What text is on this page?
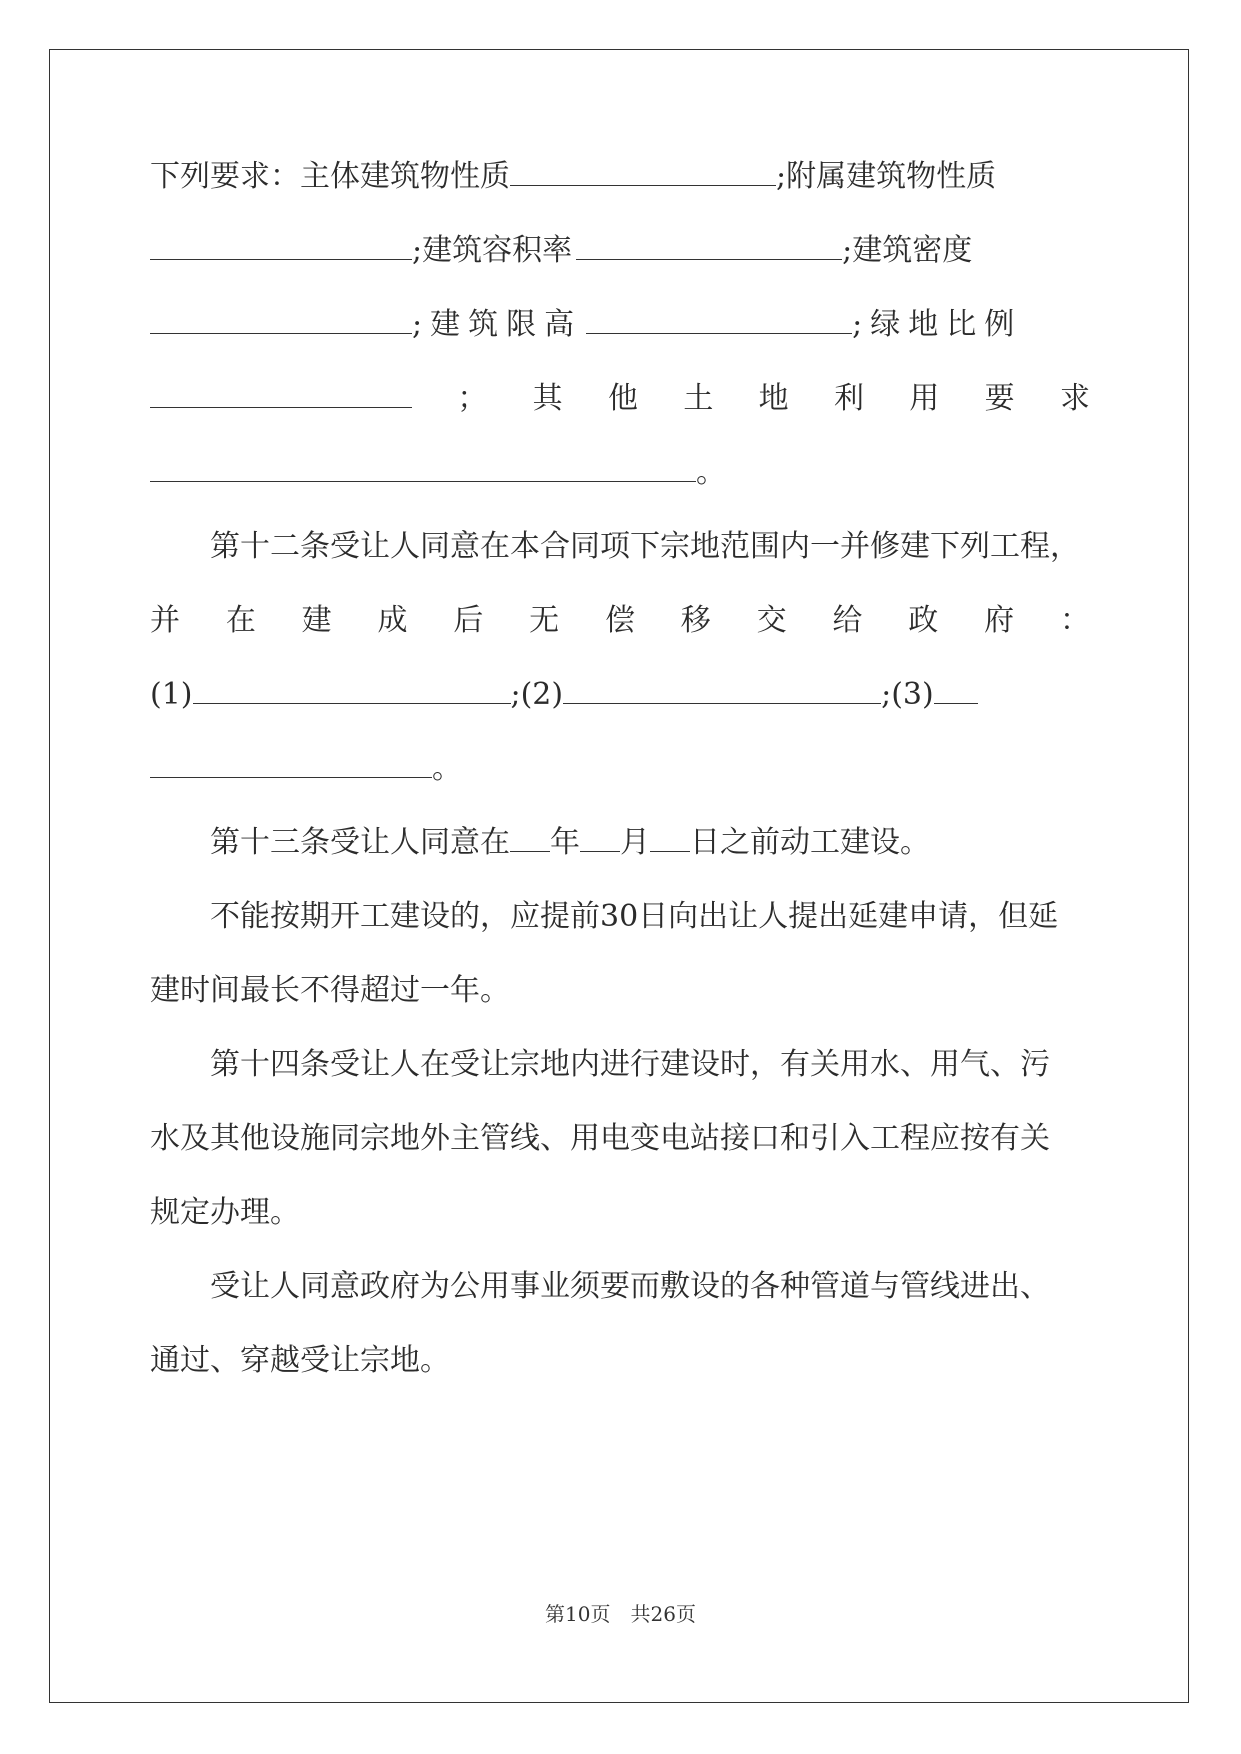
下列要求：主体建筑物性质	;附属建筑物性质
;建筑容积率	;建筑密度
;建筑限高	;绿地比例
； 其 他 土 地 利 用 要 求
。
第十二条受让人同意在本合同项下宗地范围内一并修建下列工程，
并 在 建 成 后 无 偿 移 交 给 政 府 ：
(1)	;(2)	;(3)
。
第十三条受让人同意在 年 月 日之前动工建设。
不能按期开工建设的，应提前30日向出让人提出延建申请，但延
建时间最长不得超过一年。
第十四条受让人在受让宗地内进行建设时，有关用水、用气、污
水及其他设施同宗地外主管线、用电变电站接口和引入工程应按有关
规定办理。
受让人同意政府为公用事业须要而敷设的各种管道与管线进出、
通过、穿越受让宗地。
第10页　共26页
